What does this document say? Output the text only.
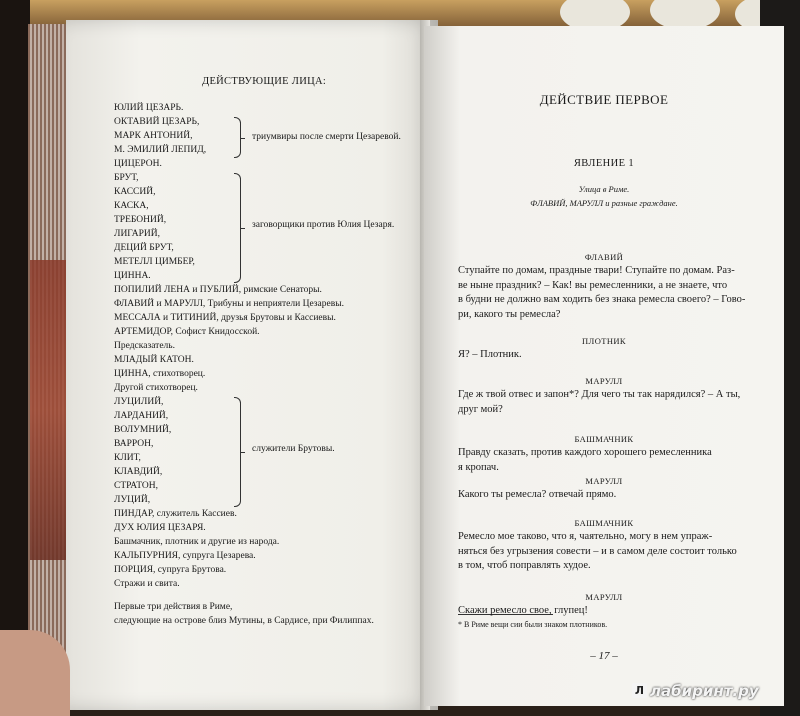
ДЕЙСТВУЮЩИЕ ЛИЦА:
ЮЛИЙ ЦЕЗАРЬ.
ОКТАВИЙ ЦЕЗАРЬ,
МАРК АНТОНИЙ,
М. ЭМИЛИЙ ЛЕПИД,
ЦИЦЕРОН.
БРУТ,
КАССИЙ,
КАСКА,
ТРЕБОНИЙ,
ЛИГАРИЙ,
ДЕЦИЙ БРУТ,
МЕТЕЛЛ ЦИМБЕР,
ЦИННА.
ПОПИЛИЙ ЛЕНА и ПУБЛИЙ, римские Сенаторы.
ФЛАВИЙ и МАРУЛЛ, Трибуны и неприятели Цезаревы.
МЕССАЛА и ТИТИНИЙ, друзья Брутовы и Кассиевы.
АРТЕМИДОР, Софист Книдосской.
Предсказатель.
МЛАДЫЙ КАТОН.
ЦИННА, стихотворец.
Другой стихотворец.
ЛУЦИЛИЙ,
ЛАРДАНИЙ,
ВОЛУМНИЙ,
ВАРРОН,
КЛИТ,
КЛАВДИЙ,
СТРАТОН,
ЛУЦИЙ,
ПИНДАР, служитель Кассиев.
ДУХ ЮЛИЯ ЦЕЗАРЯ.
Башмачник, плотник и другие из народа.
КАЛЬПУРНИЯ, супруга Цезарева.
ПОРЦИЯ, супруга Брутова.
Стражи и свита.
триумвиры после смерти Цезаревой.
заговорщики против Юлия Цезаря.
служители Брутовы.
Первые три действия в Риме,
следующие на острове близ Мутины, в Сардисе, при Филиппах.
ДЕЙСТВИЕ ПЕРВОЕ
ЯВЛЕНИЕ 1
Улица в Риме.
ФЛАВИЙ, МАРУЛЛ и разные граждане.
* В Риме вещи сии были знаком плотников.
– 17 –
ФЛАВИЙ
Ступайте по домам, праздные твари! Ступайте по домам. Раз-
ве ныне праздник? – Как! вы ремесленники, а не знаете, что
в будни не должно вам ходить без знака ремесла своего? – Гово-
ри, какого ты ремесла?
ПЛОТНИК
Я? – Плотник.
МАРУЛЛ
Где ж твой отвес и запон*? Для чего ты так нарядился? – А ты,
друг мой?
БАШМАЧНИК
Правду сказать, против каждого хорошего ремесленника
я кропач.
МАРУЛЛ
Какого ты ремесла? отвечай прямо.
БАШМАЧНИК
Ремесло мое таково, что я, чаятельно, могу в нем упраж-
няться без угрызения совести – и в самом деле состоит только
в том, чтоб поправлять худое.
МАРУЛЛ
Скажи ремесло свое, глупец!
Л лабиринт.ру
